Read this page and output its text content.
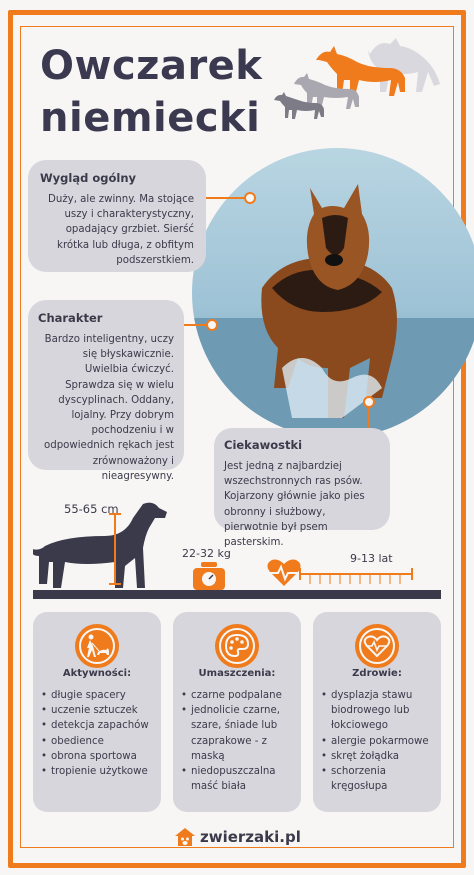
Owczarek
niemiecki
Wygląd ogólny

Duży, ale zwinny. Ma stojące uszy i charakterystyczny, opadający grzbiet. Sierść krótka lub długa, z obfitym podszerstkiem.

Charakter

Bardzo inteligentny, uczy się błyskawicznie. Uwielbia ćwiczyć. Sprawdza się w wielu dyscyplinach. Oddany, lojalny. Przy dobrym pochodzeniu i w odpowiednich rękach jest zrównoważony i nieagresywny.

Ciekawostki

Jest jedną z najbardziej wszechstronnych ras psów. Kojarzony głównie jako pies obronny i służbowy, pierwotnie był psem pasterskim.

55-65 cm
22-32 kg	9-13 lat
Aktywności:
• długie spacery
• uczenie sztuczek
• detekcja zapachów
• obedience
• obrona sportowa
• tropienie użytkowe
Umaszczenia:
• czarne podpalane
• jednolicie czarne, szare, śniade lub czaprakowe - z maską
• niedopuszczalna maść biała
Zdrowie:
• dysplazja stawu biodrowego lub łokciowego
• alergie pokarmowe
• skręt żołądka
• schorzenia kręgosłupa
zwierzaki.pl
